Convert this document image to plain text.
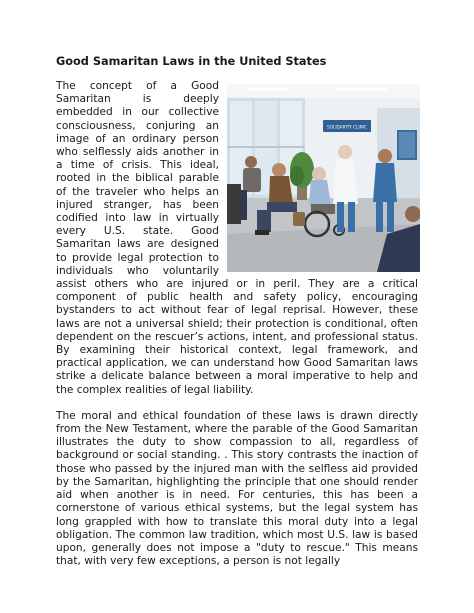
Good Samaritan Laws in the United States
SOLIDARITY CLINIC

The concept of a Good Samaritan is deeply embedded in our collective consciousness, conjuring an image of an ordinary person who selflessly aids another in a time of crisis. This ideal, rooted in the biblical parable of the traveler who helps an injured stranger, has been codified into law in virtually every U.S. state. Good Samaritan laws are designed to provide legal protection to individuals who voluntarily assist others who are injured or in peril. They are a critical component of public health and safety policy, encouraging bystanders to act without fear of legal reprisal. However, these laws are not a universal shield; their protection is conditional, often dependent on the rescuer’s actions, intent, and professional status. By examining their historical context, legal framework, and practical application, we can understand how Good Samaritan laws strike a delicate balance between a moral imperative to help and the complex realities of legal liability.

The moral and ethical foundation of these laws is drawn directly from the New Testament, where the parable of the Good Samaritan illustrates the duty to show compassion to all, regardless of background or social standing. . This story contrasts the inaction of those who passed by the injured man with the selfless aid provided by the Samaritan, highlighting the principle that one should render aid when another is in need. For centuries, this has been a cornerstone of various ethical systems, but the legal system has long grappled with how to translate this moral duty into a legal obligation. The common law tradition, which most U.S. law is based upon, generally does not impose a "duty to rescue." This means that, with very few exceptions, a person is not legally
